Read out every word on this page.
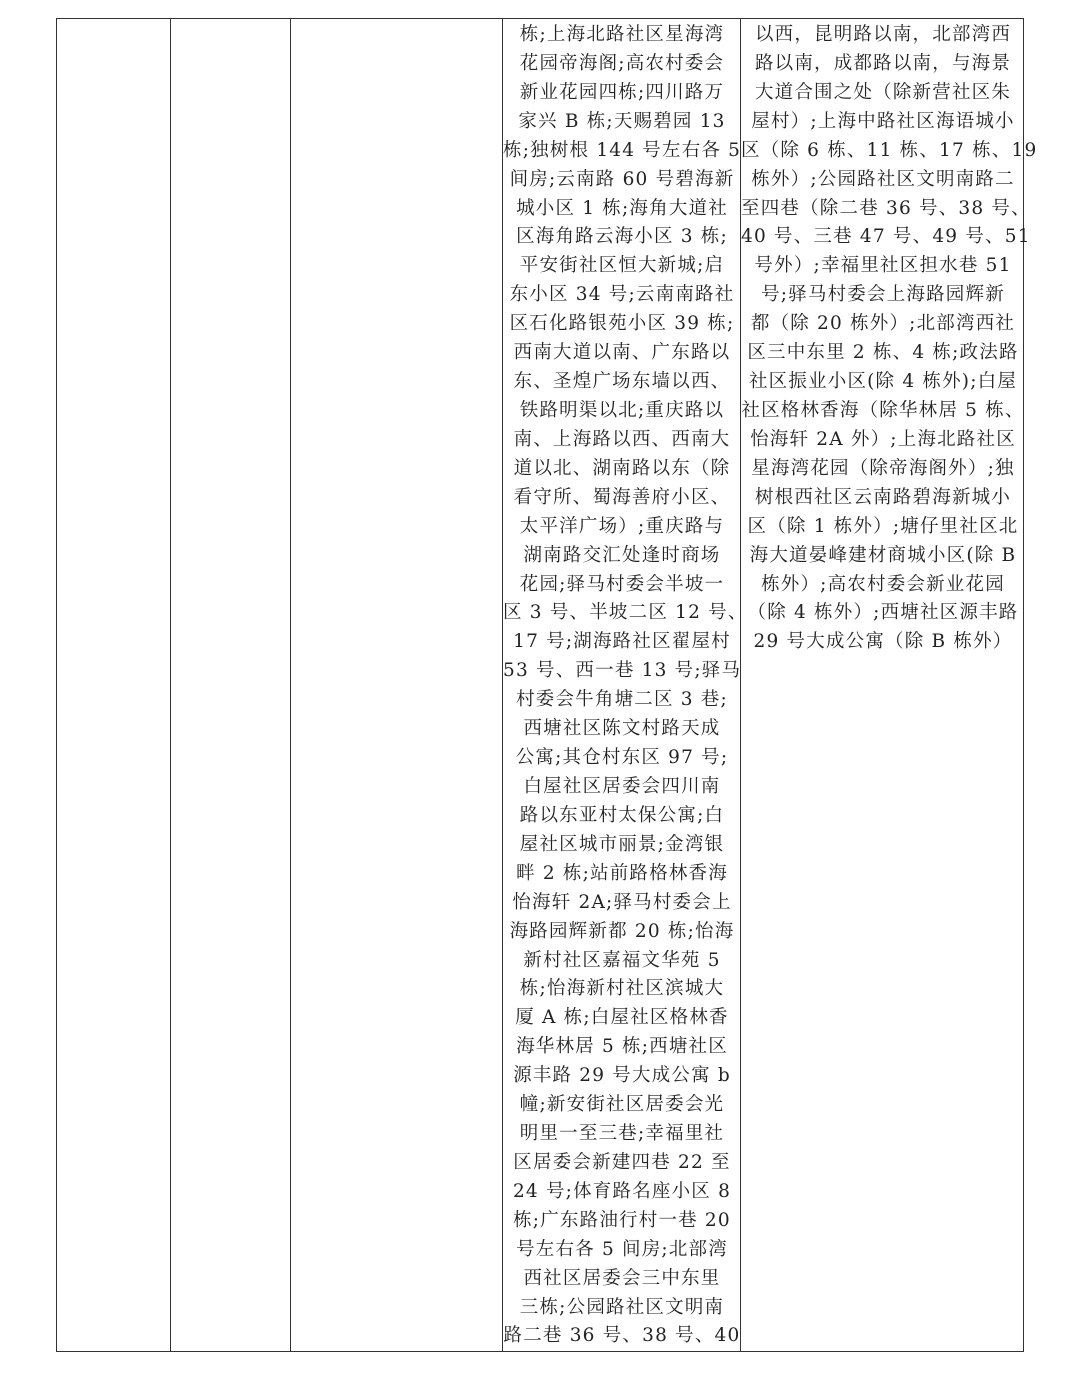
栋;上海北路社区星海湾
花园帝海阁;高农村委会
新业花园四栋;四川路万
家兴 B 栋;天赐碧园 13
栋;独树根 144 号左右各 5
间房;云南路 60 号碧海新
城小区 1 栋;海角大道社
区海角路云海小区 3 栋;
平安街社区恒大新城;启
东小区 34 号;云南南路社
区石化路银苑小区 39 栋;
西南大道以南、广东路以
东、圣煌广场东墙以西、
铁路明渠以北;重庆路以
南、上海路以西、西南大
道以北、湖南路以东（除
看守所、蜀海善府小区、
太平洋广场）;重庆路与
湖南路交汇处逢时商场
花园;驿马村委会半坡一
区 3 号、半坡二区 12 号、
17 号;湖海路社区翟屋村
53 号、西一巷 13 号;驿马
村委会牛角塘二区 3 巷;
西塘社区陈文村路天成
公寓;其仓村东区 97 号;
白屋社区居委会四川南
路以东亚村太保公寓;白
屋社区城市丽景;金湾银
畔 2 栋;站前路格林香海
怡海轩 2A;驿马村委会上
海路园辉新都 20 栋;怡海
新村社区嘉福文华苑 5
栋;怡海新村社区滨城大
厦 A 栋;白屋社区格林香
海华林居 5 栋;西塘社区
源丰路 29 号大成公寓 b
幢;新安街社区居委会光
明里一至三巷;幸福里社
区居委会新建四巷 22 至
24 号;体育路名座小区 8
栋;广东路油行村一巷 20
号左右各 5 间房;北部湾
西社区居委会三中东里
三栋;公园路社区文明南
路二巷 36 号、38 号、40
以西，昆明路以南，北部湾西
路以南，成都路以南，与海景
大道合围之处（除新营社区朱
屋村）;上海中路社区海语城小
区（除 6 栋、11 栋、17 栋、19
栋外）;公园路社区文明南路二
至四巷（除二巷 36 号、38 号、
40 号、三巷 47 号、49 号、51
号外）;幸福里社区担水巷 51
号;驿马村委会上海路园辉新
都（除 20 栋外）;北部湾西社
区三中东里 2 栋、4 栋;政法路
社区振业小区(除 4 栋外);白屋
社区格林香海（除华林居 5 栋、
怡海轩 2A 外）;上海北路社区
星海湾花园（除帝海阁外）;独
树根西社区云南路碧海新城小
区（除 1 栋外）;塘仔里社区北
海大道晏峰建材商城小区(除 B
栋外）;高农村委会新业花园
（除 4 栋外）;西塘社区源丰路
29 号大成公寓（除 B 栋外）
